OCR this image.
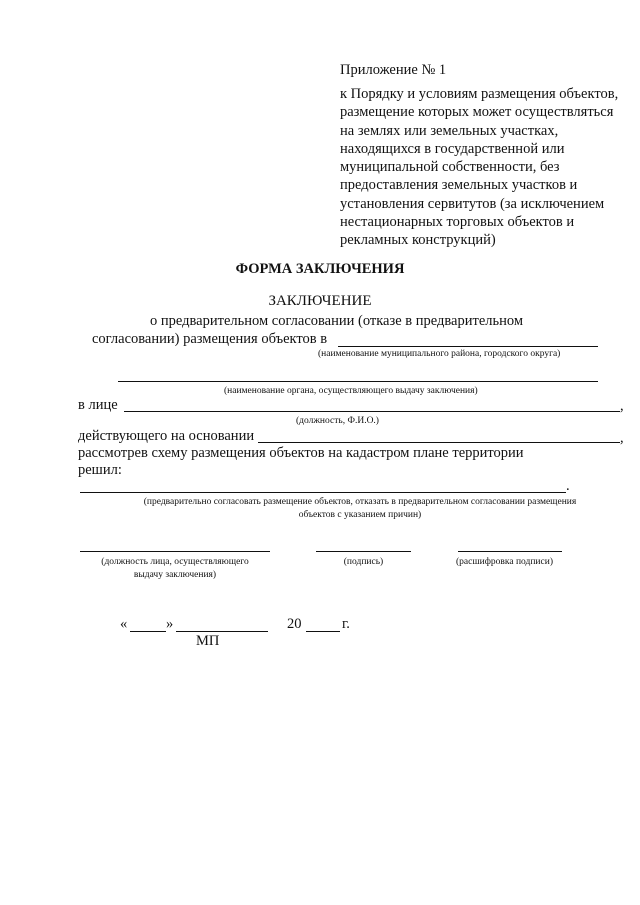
Приложение № 1
к Порядку и условиям размещения объектов, размещение которых может осуществляться на землях или земельных участках, находящихся в государственной или муниципальной собственности, без предоставления земельных участков и установления сервитутов (за исключением нестационарных торговых объектов и рекламных конструкций)
ФОРМА ЗАКЛЮЧЕНИЯ
ЗАКЛЮЧЕНИЕ
о предварительном согласовании (отказе в предварительном
согласовании) размещения объектов в
(наименование муниципального района, городского округа)
(наименование органа, осуществляющего выдачу заключения)
в лице	,
(должность, Ф.И.О.)
действующего на основании	,
рассмотрев схему размещения объектов на кадастром плане территории
решил:
.
(предварительно согласовать размещение объектов, отказать в предварительном согласовании размещения
объектов с указанием причин)
(должность лица, осуществляющего
выдачу заключения)
(подпись)	(расшифровка подписи)
«	»	20	г.
МП
